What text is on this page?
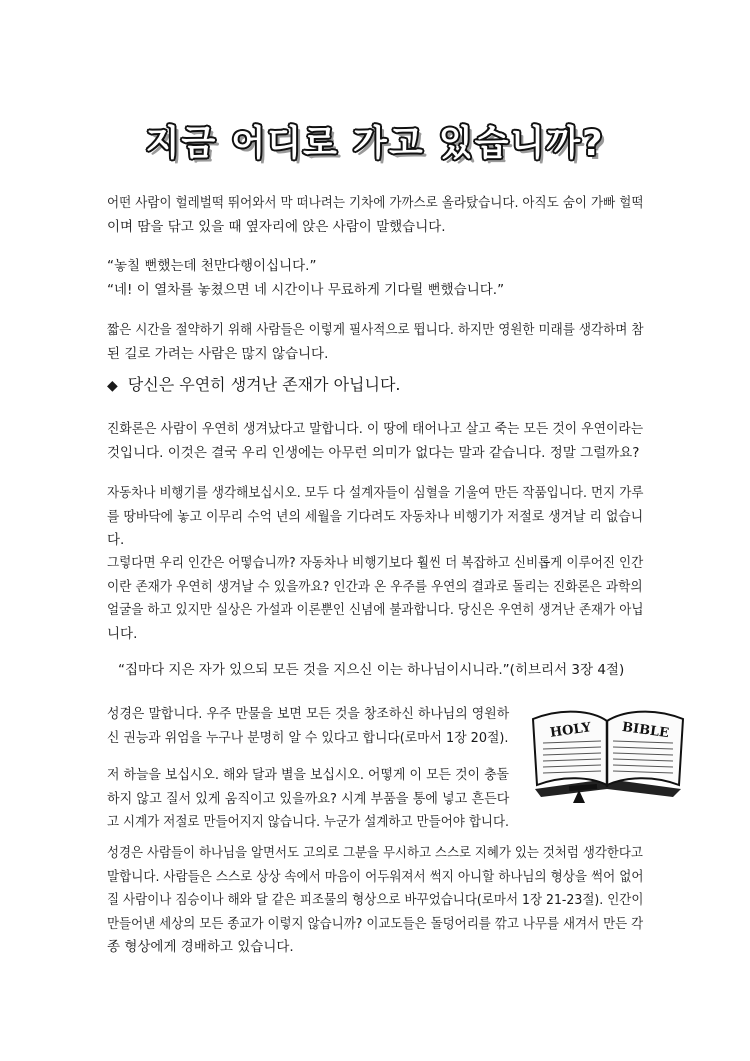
지금 어디로 가고 있습니까?
어떤 사람이 헐레벌떡 뛰어와서 막 떠나려는 기차에 가까스로 올라탔습니다. 아직도 숨이 가빠 헐떡
이며 땀을 닦고 있을 때 옆자리에 앉은 사람이 말했습니다.
“놓칠 뻔했는데 천만다행이십니다.”
“네! 이 열차를 놓쳤으면 네 시간이나 무료하게 기다릴 뻔했습니다.”
짧은 시간을 절약하기 위해 사람들은 이렇게 필사적으로 뜁니다. 하지만 영원한 미래를 생각하며 참
된 길로 가려는 사람은 많지 않습니다.
◆ 당신은 우연히 생겨난 존재가 아닙니다.
진화론은 사람이 우연히 생겨났다고 말합니다. 이 땅에 태어나고 살고 죽는 모든 것이 우연이라는
것입니다. 이것은 결국 우리 인생에는 아무런 의미가 없다는 말과 같습니다. 정말 그럴까요?
자동차나 비행기를 생각해보십시오. 모두 다 설계자들이 심혈을 기울여 만든 작품입니다. 먼지 가루
를 땅바닥에 놓고 이무리 수억 년의 세월을 기다려도 자동차나 비행기가 저절로 생겨날 리 없습니
다.
그렇다면 우리 인간은 어떻습니까? 자동차나 비행기보다 훨씬 더 복잡하고 신비롭게 이루어진 인간
이란 존재가 우연히 생겨날 수 있을까요? 인간과 온 우주를 우연의 결과로 돌리는 진화론은 과학의
얼굴을 하고 있지만 실상은 가설과 이론뿐인 신념에 불과합니다. 당신은 우연히 생겨난 존재가 아닙
니다.
“집마다 지은 자가 있으되 모든 것을 지으신 이는 하나님이시니라.”(히브리서 3장 4절)
성경은 말합니다. 우주 만물을 보면 모든 것을 창조하신 하나님의 영원하
신 권능과 위엄을 누구나 분명히 알 수 있다고 합니다(로마서 1장 20절).
저 하늘을 보십시오. 해와 달과 별을 보십시오. 어떻게 이 모든 것이 충돌
하지 않고 질서 있게 움직이고 있을까요? 시계 부품을 통에 넣고 흔든다
고 시계가 저절로 만들어지지 않습니다. 누군가 설계하고 만들어야 합니다.
HOLY BIBLE
성경은 사람들이 하나님을 알면서도 고의로 그분을 무시하고 스스로 지혜가 있는 것처럼 생각한다고
말합니다. 사람들은 스스로 상상 속에서 마음이 어두워져서 썩지 아니할 하나님의 형상을 썩어 없어
질 사람이나 짐승이나 해와 달 같은 피조물의 형상으로 바꾸었습니다(로마서 1장 21-23절). 인간이
만들어낸 세상의 모든 종교가 이렇지 않습니까? 이교도들은 돌덩어리를 깎고 나무를 새겨서 만든 각
종 형상에게 경배하고 있습니다.
